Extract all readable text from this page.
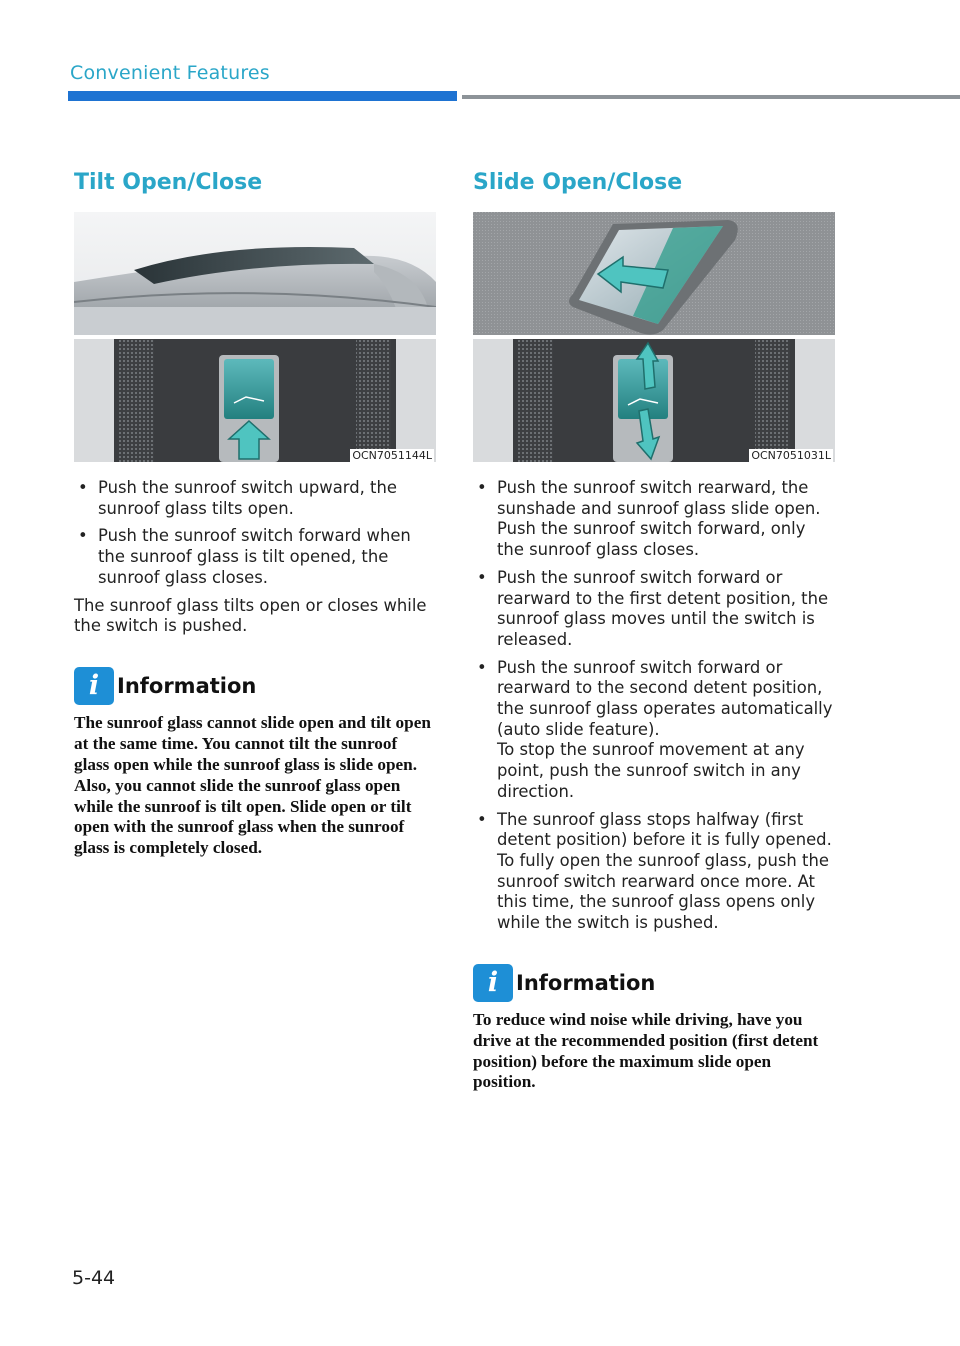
Convenient Features
Tilt Open/Close
OCN7051144L
• Push the sunroof switch upward, the sunroof glass tilts open.
• Push the sunroof switch forward when the sunroof glass is tilt opened, the sunroof glass closes.

The sunroof glass tilts open or closes while the switch is pushed.

i Information
The sunroof glass cannot slide open and tilt open at the same time. You cannot tilt the sunroof glass open while the sunroof glass is slide open. Also, you cannot slide the sunroof glass open while the sunroof is tilt open. Slide open or tilt open with the sunroof glass when the sunroof glass is completely closed.
Slide Open/Close
OCN7051031L
• Push the sunroof switch rearward, the sunshade and sunroof glass slide open.
Push the sunroof switch forward, only the sunroof glass closes.
• Push the sunroof switch forward or rearward to the first detent position, the sunroof glass moves until the switch is released.
• Push the sunroof switch forward or rearward to the second detent position, the sunroof glass operates automatically (auto slide feature).
To stop the sunroof movement at any point, push the sunroof switch in any direction.
• The sunroof glass stops halfway (first detent position) before it is fully opened. To fully open the sunroof glass, push the sunroof switch rearward once more. At this time, the sunroof glass opens only while the switch is pushed.
i Information
To reduce wind noise while driving, have you drive at the recommended position (first detent position) before the maximum slide open position.
5-44
